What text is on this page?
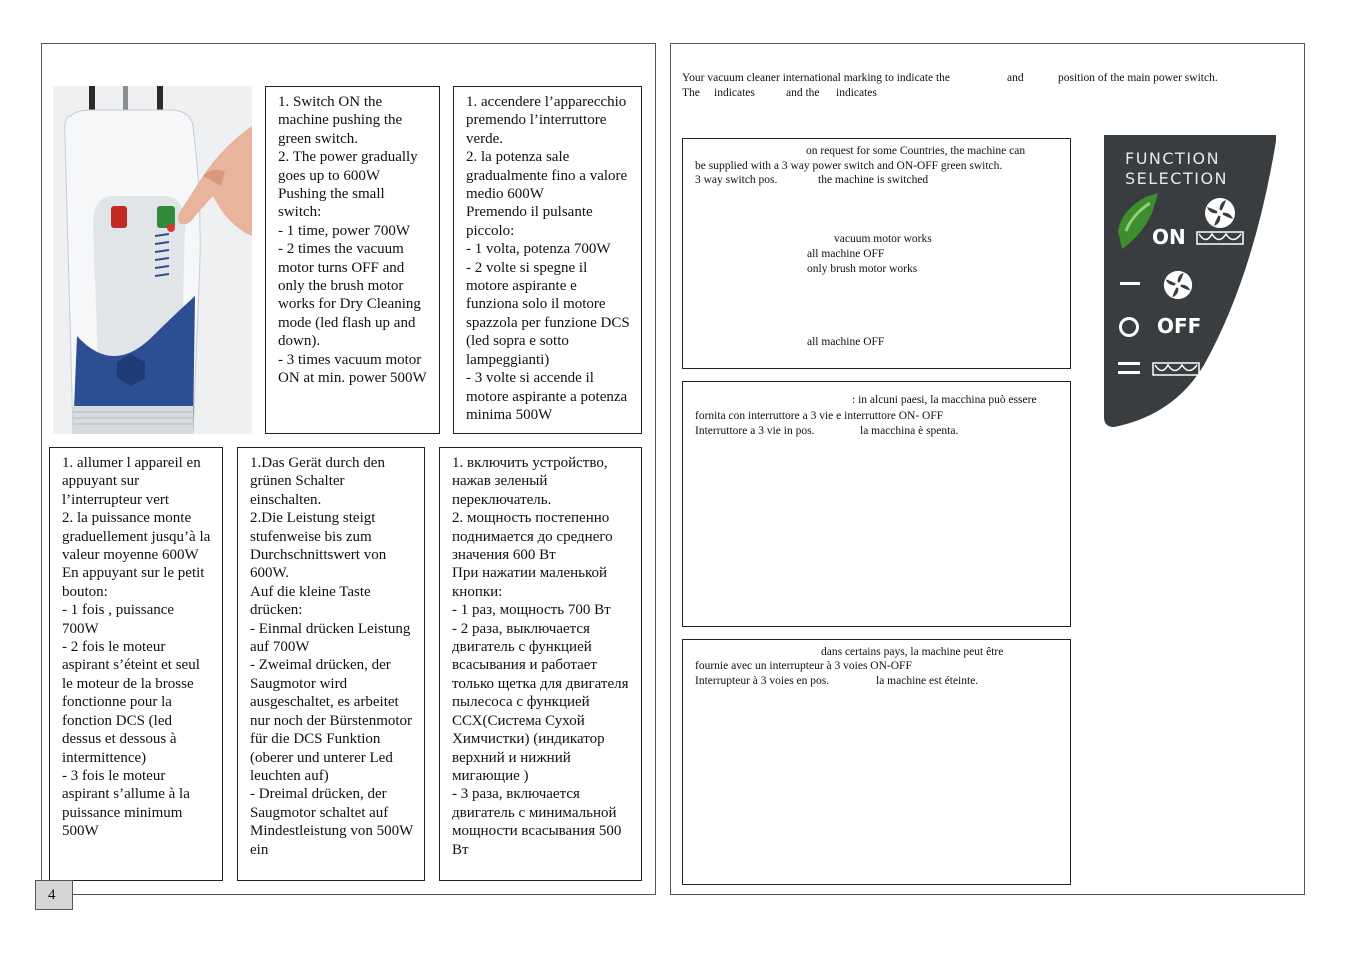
1. Switch ON the machine pushing the green switch.
2. The power gradually goes up to 600W
Pushing the small switch:
- 1 time, power 700W
- 2 times the vacuum motor turns OFF and only the brush motor works for Dry Cleaning mode (led flash up and down).
- 3 times vacuum motor ON at min. power 500W
1. accendere l’apparecchio premendo l’interruttore verde.
2. la potenza sale gradualmente fino a valore medio 600W
Premendo il pulsante piccolo:
- 1 volta, potenza 700W
- 2 volte si spegne il motore aspirante e funziona solo il motore spazzola per funzione DCS (led sopra e sotto lampeggianti)
- 3 volte si accende il motore aspirante a potenza minima 500W
1. allumer l appareil en appuyant sur l’interrupteur vert
2. la puissance monte graduellement jusqu’à la valeur moyenne 600W
En appuyant sur le petit bouton:
- 1 fois , puissance 700W
- 2 fois le moteur aspirant s’éteint et seul le moteur de la brosse fonctionne pour la fonction DCS (led dessus et dessous à intermittence)
- 3 fois le moteur aspirant s’allume à la puissance minimum 500W
1.Das Gerät durch den grünen Schalter einschalten.
2.Die Leistung steigt stufenweise bis zum Durchschnittswert von 600W.
Auf die kleine Taste drücken:
- Einmal drücken Leistung auf 700W
- Zweimal drücken, der Saugmotor wird ausgeschaltet, es arbeitet nur noch der Bürstenmotor für die DCS Funktion (oberer und unterer Led leuchten auf)
- Dreimal drücken, der Saugmotor schaltet auf Mindestleistung von 500W ein
1. включить устройство, нажав зеленый переключатель.
2. мощность постепенно поднимается до среднего значения 600 Вт
При нажатии маленькой кнопки:
- 1 раз, мощность 700 Вт
- 2 раза, выключается двигатель с функцией всасывания и работает только щетка для двигателя пылесоса с функцией ССХ(Система Сухой Химчистки) (индикатор верхний и нижний мигающие )
- 3 раза, включается двигатель с минимальной мощности всасывания 500 Вт
4
Your vacuum cleaner international marking to indicate the	and	position of the main power switch.
The indicates	and the indicates
on request for some Countries, the machine can
be supplied with a 3 way power switch and ON-OFF green switch.
3 way switch pos.	the machine is switched
vacuum motor works
all machine OFF
only brush motor works
all machine OFF
: in alcuni paesi, la macchina può essere
fornita con interruttore a 3 vie e interruttore ON- OFF
Interruttore a 3 vie in pos.	la macchina è spenta.
dans certains pays, la machine peut être
fournie avec un interrupteur à 3 voies ON-OFF
Interrupteur à 3 voies en pos.	la machine est éteinte.
FUNCTION
SELECTION
ON
OFF
